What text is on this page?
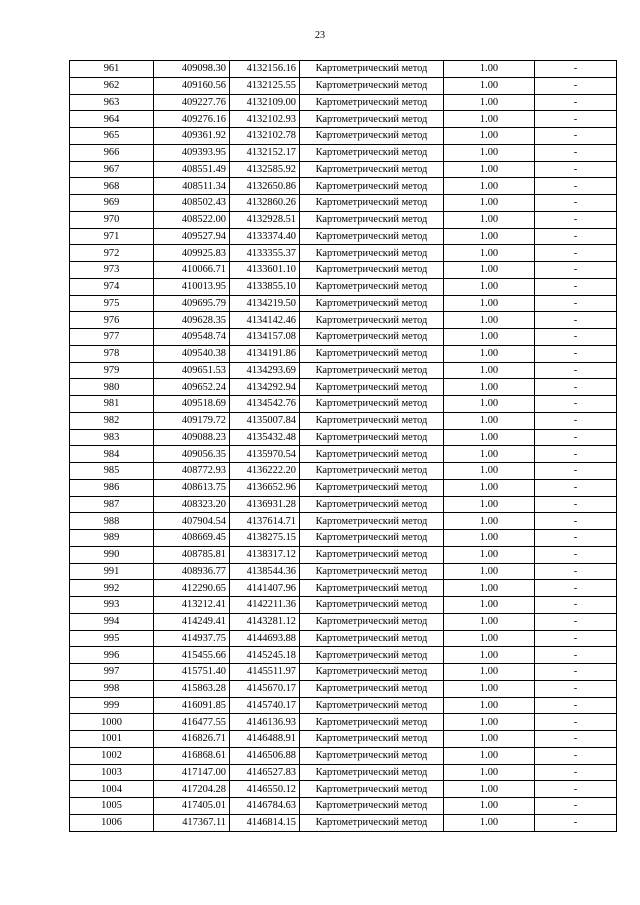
23
961	409098.30	4132156.16	Картометрический метод	1.00	-
962	409160.56	4132125.55	Картометрический метод	1.00	-
963	409227.76	4132109.00	Картометрический метод	1.00	-
964	409276.16	4132102.93	Картометрический метод	1.00	-
965	409361.92	4132102.78	Картометрический метод	1.00	-
966	409393.95	4132152.17	Картометрический метод	1.00	-
967	408551.49	4132585.92	Картометрический метод	1.00	-
968	408511.34	4132650.86	Картометрический метод	1.00	-
969	408502.43	4132860.26	Картометрический метод	1.00	-
970	408522.00	4132928.51	Картометрический метод	1.00	-
971	409527.94	4133374.40	Картометрический метод	1.00	-
972	409925.83	4133355.37	Картометрический метод	1.00	-
973	410066.71	4133601.10	Картометрический метод	1.00	-
974	410013.95	4133855.10	Картометрический метод	1.00	-
975	409695.79	4134219.50	Картометрический метод	1.00	-
976	409628.35	4134142.46	Картометрический метод	1.00	-
977	409548.74	4134157.08	Картометрический метод	1.00	-
978	409540.38	4134191.86	Картометрический метод	1.00	-
979	409651.53	4134293.69	Картометрический метод	1.00	-
980	409652.24	4134292.94	Картометрический метод	1.00	-
981	409518.69	4134542.76	Картометрический метод	1.00	-
982	409179.72	4135007.84	Картометрический метод	1.00	-
983	409088.23	4135432.48	Картометрический метод	1.00	-
984	409056.35	4135970.54	Картометрический метод	1.00	-
985	408772.93	4136222.20	Картометрический метод	1.00	-
986	408613.75	4136652.96	Картометрический метод	1.00	-
987	408323.20	4136931.28	Картометрический метод	1.00	-
988	407904.54	4137614.71	Картометрический метод	1.00	-
989	408669.45	4138275.15	Картометрический метод	1.00	-
990	408785.81	4138317.12	Картометрический метод	1.00	-
991	408936.77	4138544.36	Картометрический метод	1.00	-
992	412290.65	4141407.96	Картометрический метод	1.00	-
993	413212.41	4142211.36	Картометрический метод	1.00	-
994	414249.41	4143281.12	Картометрический метод	1.00	-
995	414937.75	4144693.88	Картометрический метод	1.00	-
996	415455.66	4145245.18	Картометрический метод	1.00	-
997	415751.40	4145511.97	Картометрический метод	1.00	-
998	415863.28	4145670.17	Картометрический метод	1.00	-
999	416091.85	4145740.17	Картометрический метод	1.00	-
1000	416477.55	4146136.93	Картометрический метод	1.00	-
1001	416826.71	4146488.91	Картометрический метод	1.00	-
1002	416868.61	4146506.88	Картометрический метод	1.00	-
1003	417147.00	4146527.83	Картометрический метод	1.00	-
1004	417204.28	4146550.12	Картометрический метод	1.00	-
1005	417405.01	4146784.63	Картометрический метод	1.00	-
1006	417367.11	4146814.15	Картометрический метод	1.00	-
